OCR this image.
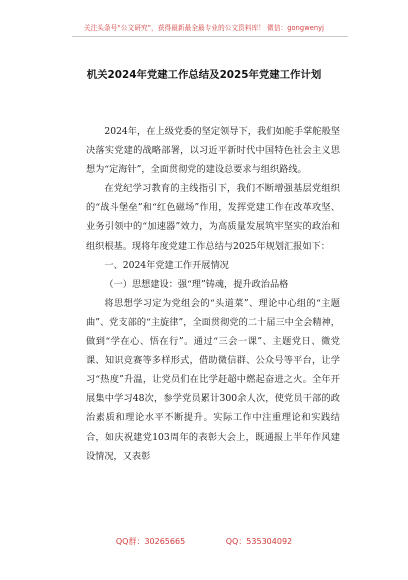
关注头条号“公文研究”，获得最新最全最专业的公文资料库！ 微信：gongwenyj
机关2024年党建工作总结及2025年党建工作计划

2024年，在上级党委的坚定领导下，我们如舵手掌舵般坚决落实党建的战略部署，以习近平新时代中国特色社会主义思想为“定海针”，全面贯彻党的建设总要求与组织路线。

在党纪学习教育的主线指引下，我们不断增强基层党组织的“战斗堡垒”和“红色磁场”作用，发挥党建工作在改革攻坚、业务引领中的“加速器”效力，为高质量发展筑牢坚实的政治和组织根基。现将年度党建工作总结与2025年规划汇报如下：

一、2024年党建工作开展情况

（一）思想建设：强“理”铸魂，提升政治品格

将思想学习定为党组会的“头道菜”、理论中心组的“主题曲”、党支部的“主旋律”，全面贯彻党的二十届三中全会精神，做到“学在心、悟在行”。通过“三会一课”、主题党日、微党课、知识竞赛等多样形式，借助微信群、公众号等平台，让学习“热度”升温，让党员们在比学赶超中燃起奋进之火。全年开展集中学习48次，参学党员累计300余人次，使党员干部的政治素质和理论水平不断提升。实际工作中注重理论和实践结合，如庆祝建党103周年的表彰大会上，既通报上半年作风建设情况，又表彰

QQ群：30265665	QQ：535304092
